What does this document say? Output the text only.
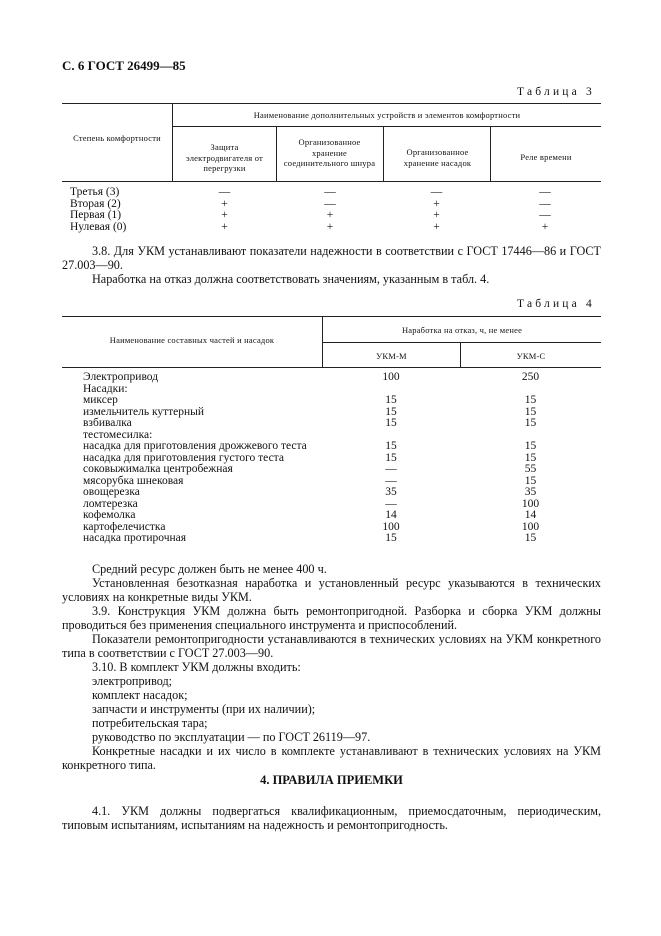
С. 6 ГОСТ 26499—85
Таблица 3
Степень комфортности
Наименование дополнительных устройств и элементов комфортности
Защита электродвигателя от перегрузки
Организованное хранение соединительного шнура
Организованное хранение насадок
Реле времени
Третья (3)	—	—	—	—
Вторая (2)	+	—	+	—
Первая (1)	+	+	+	—
Нулевая (0)	+	+	+	+
3.8. Для УКМ устанавливают показатели надежности в соответствии с ГОСТ 17446—86 и ГОСТ 27.003—90.
Наработка на отказ должна соответствовать значениям, указанным в табл. 4.
Таблица 4
Наименование составных частей и насадок
Наработка на отказ, ч, не менее
УКМ-М	УКМ-С
Электропривод	100	250
Насадки:
миксер	15	15
измельчитель куттерный	15	15
взбивалка	15	15
тестомесилка:
насадка для приготовления дрожжевого теста	15	15
насадка для приготовления густого теста	15	15
соковыжималка центробежная	—	55
мясорубка шнековая	—	15
овощерезка	35	35
ломтерезка	—	100
кофемолка	14	14
картофелечистка	100	100
насадка протирочная	15	15
Средний ресурс должен быть не менее 400 ч.
Установленная безотказная наработка и установленный ресурс указываются в технических условиях на конкретные виды УКМ.
3.9. Конструкция УКМ должна быть ремонтопригодной. Разборка и сборка УКМ должны проводиться без применения специального инструмента и приспособлений.
Показатели ремонтопригодности устанавливаются в технических условиях на УКМ конкретного типа в соответствии с ГОСТ 27.003—90.
3.10. В комплект УКМ должны входить:
электропривод;
комплект насадок;
запчасти и инструменты (при их наличии);
потребительская тара;
руководство по эксплуатации — по ГОСТ 26119—97.
Конкретные насадки и их число в комплекте устанавливают в технических условиях на УКМ конкретного типа.
4. ПРАВИЛА ПРИЕМКИ
4.1. УКМ должны подвергаться квалификационным, приемосдаточным, периодическим, типовым испытаниям, испытаниям на надежность и ремонтопригодность.
